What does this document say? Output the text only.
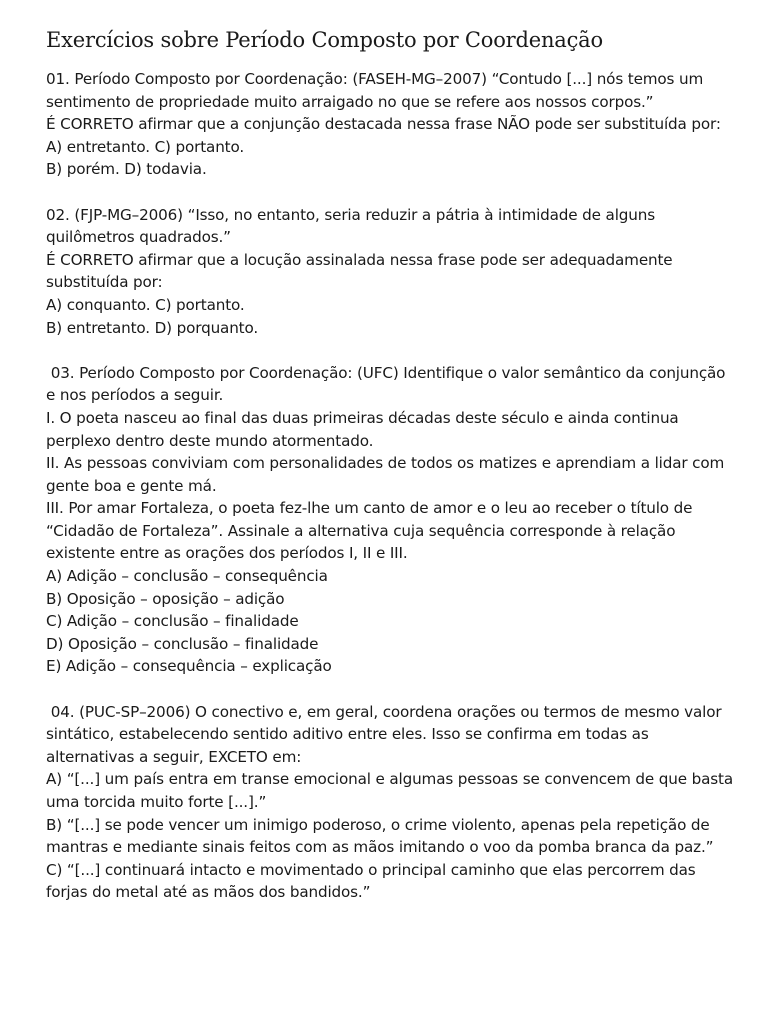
Exercícios sobre Período Composto por Coordenação

01. Período Composto por Coordenação: (FASEH-MG–2007) “Contudo [...] nós temos um sentimento de propriedade muito arraigado no que se refere aos nossos corpos.”

É CORRETO afirmar que a conjunção destacada nessa frase NÃO pode ser substituída por:

A) entretanto. C) portanto.

B) porém. D) todavia.

02. (FJP-MG–2006) “Isso, no entanto, seria reduzir a pátria à intimidade de alguns quilômetros quadrados.”

É CORRETO afirmar que a locução assinalada nessa frase pode ser adequadamente substituída por:

A) conquanto. C) portanto.

B) entretanto. D) porquanto.

03. Período Composto por Coordenação: (UFC) Identifique o valor semântico da conjunção e nos períodos a seguir.

I. O poeta nasceu ao final das duas primeiras décadas deste século e ainda continua perplexo dentro deste mundo atormentado.

II. As pessoas conviviam com personalidades de todos os matizes e aprendiam a lidar com gente boa e gente má.

III. Por amar Fortaleza, o poeta fez-lhe um canto de amor e o leu ao receber o título de “Cidadão de Fortaleza”. Assinale a alternativa cuja sequência corresponde à relação existente entre as orações dos períodos I, II e III.

A) Adição – conclusão – consequência

B) Oposição – oposição – adição

C) Adição – conclusão – finalidade

D) Oposição – conclusão – finalidade

E) Adição – consequência – explicação

04. (PUC-SP–2006) O conectivo e, em geral, coordena orações ou termos de mesmo valor sintático, estabelecendo sentido aditivo entre eles. Isso se confirma em todas as alternativas a seguir, EXCETO em:

A) “[...] um país entra em transe emocional e algumas pessoas se convencem de que basta uma torcida muito forte [...].”

B) “[...] se pode vencer um inimigo poderoso, o crime violento, apenas pela repetição de mantras e mediante sinais feitos com as mãos imitando o voo da pomba branca da paz.”

C) “[...] continuará intacto e movimentado o principal caminho que elas percorrem das forjas do metal até as mãos dos bandidos.”
